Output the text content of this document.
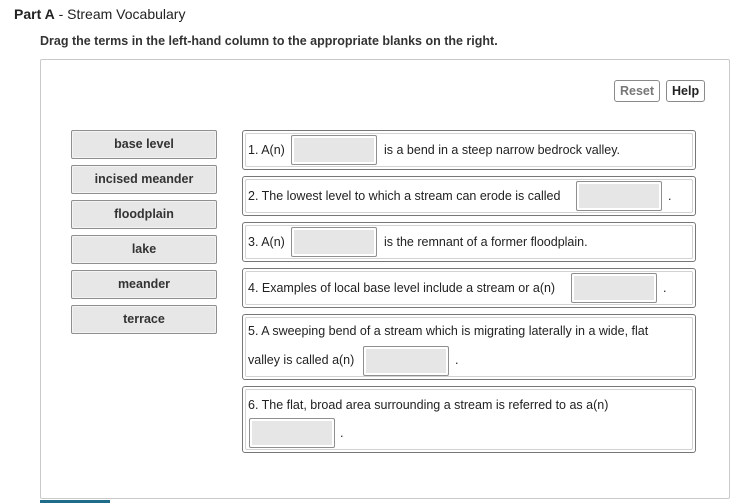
Part A - Stream Vocabulary
Drag the terms in the left-hand column to the appropriate blanks on the right.
Reset	Help
base level
incised meander
floodplain
lake
meander
terrace
1. A(n)	is a bend in a steep narrow bedrock valley.
2. The lowest level to which a stream can erode is called	.
3. A(n)	is the remnant of a former floodplain.
4. Examples of local base level include a stream or a(n)	.
5. A sweeping bend of a stream which is migrating laterally in a wide, flat
valley is called a(n)	.
6. The flat, broad area surrounding a stream is referred to as a(n)
.
